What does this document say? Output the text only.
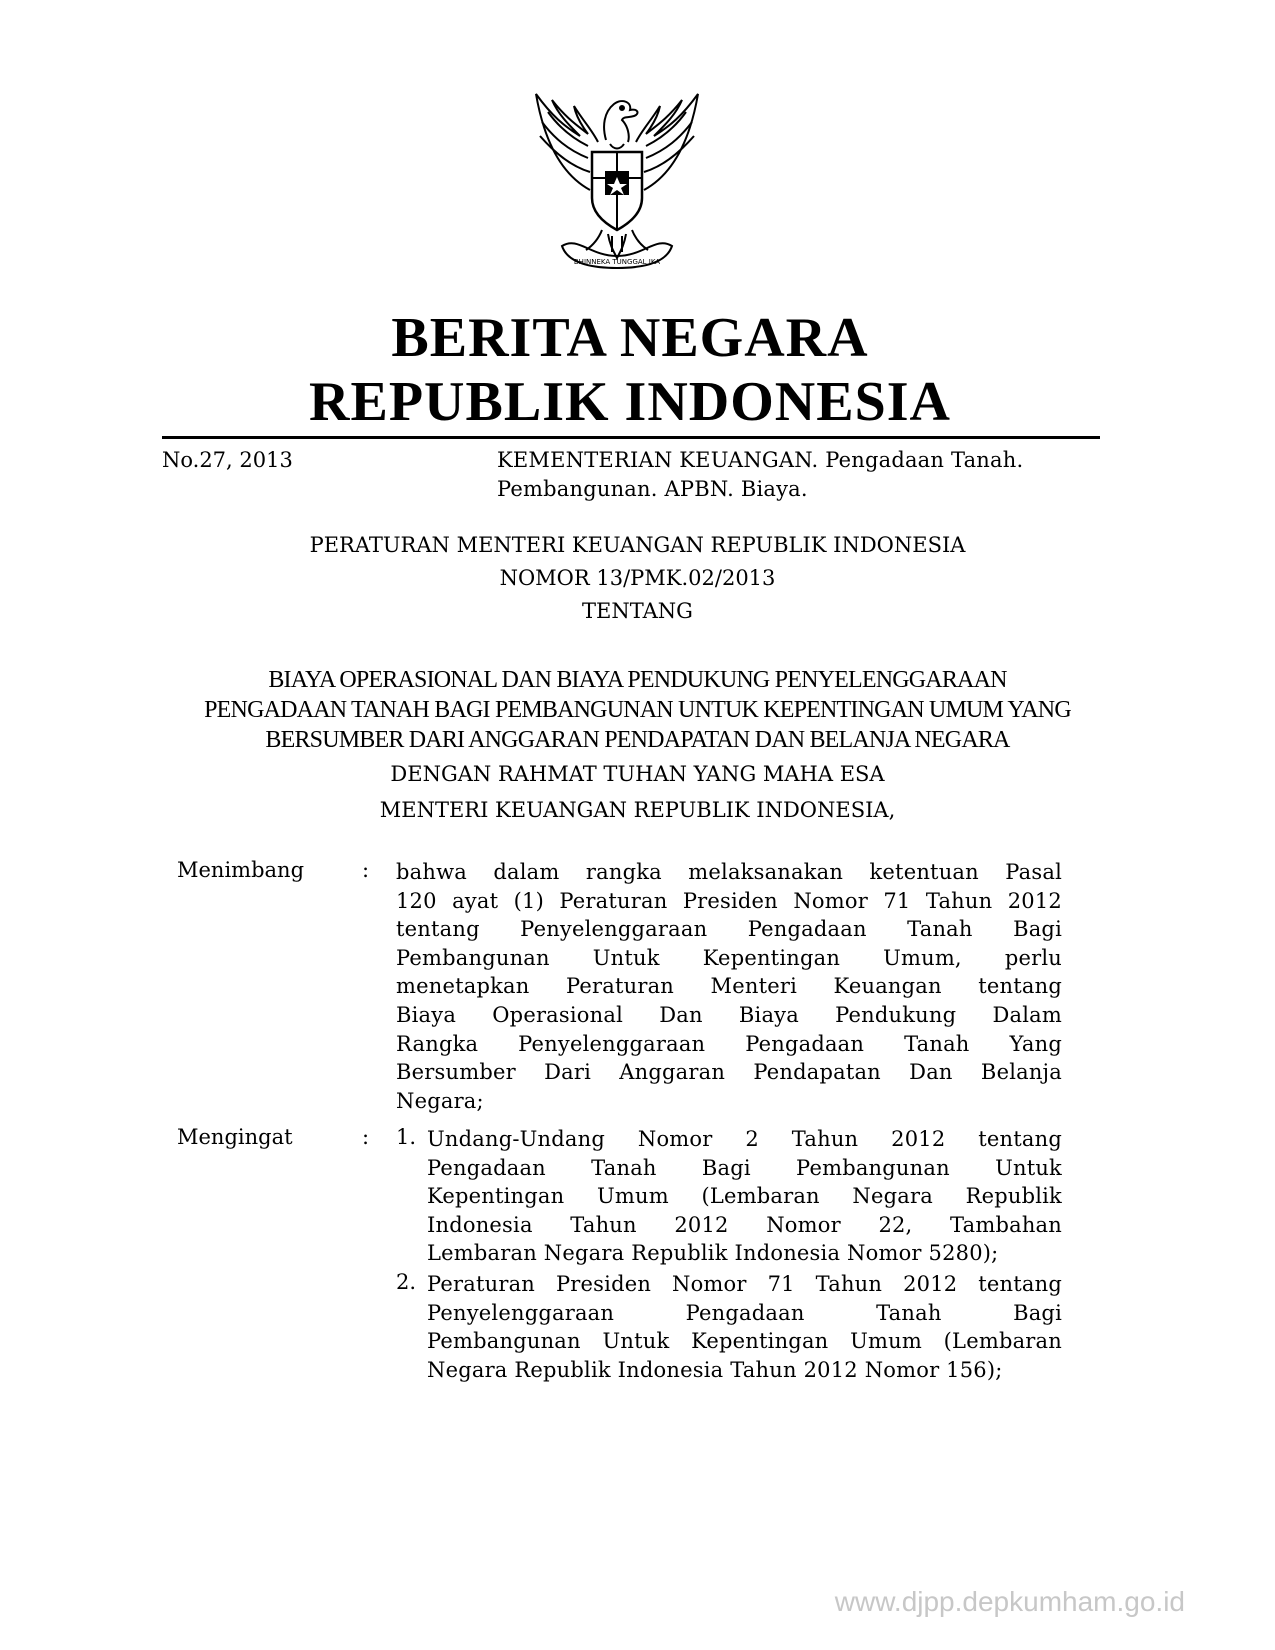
BHINNEKA TUNGGAL IKA
BERITA NEGARA
REPUBLIK INDONESIA
No.27, 2013	KEMENTERIAN KEUANGAN. Pengadaan Tanah.
Pembangunan. APBN. Biaya.
PERATURAN MENTERI KEUANGAN REPUBLIK INDONESIA
NOMOR 13/PMK.02/2013
TENTANG
BIAYA OPERASIONAL DAN BIAYA PENDUKUNG PENYELENGGARAAN
PENGADAAN TANAH BAGI PEMBANGUNAN UNTUK KEPENTINGAN UMUM YANG
BERSUMBER DARI ANGGARAN PENDAPATAN DAN BELANJA NEGARA
DENGAN RAHMAT TUHAN YANG MAHA ESA
MENTERI KEUANGAN REPUBLIK INDONESIA,
Menimbang	: bahwa dalam rangka melaksanakan ketentuan Pasal
120 ayat (1) Peraturan Presiden Nomor 71 Tahun 2012
tentang Penyelenggaraan Pengadaan Tanah Bagi
Pembangunan Untuk Kepentingan Umum, perlu
menetapkan Peraturan Menteri Keuangan tentang
Biaya Operasional Dan Biaya Pendukung Dalam
Rangka Penyelenggaraan Pengadaan Tanah Yang
Bersumber Dari Anggaran Pendapatan Dan Belanja
Negara;
Mengingat	: 1. Undang-Undang Nomor 2 Tahun 2012 tentang
Pengadaan Tanah Bagi Pembangunan Untuk
Kepentingan Umum (Lembaran Negara Republik
Indonesia Tahun 2012 Nomor 22, Tambahan
Lembaran Negara Republik Indonesia Nomor 5280);
2. Peraturan Presiden Nomor 71 Tahun 2012 tentang
Penyelenggaraan Pengadaan Tanah Bagi
Pembangunan Untuk Kepentingan Umum (Lembaran
Negara Republik Indonesia Tahun 2012 Nomor 156);
www.djpp.depkumham.go.id
